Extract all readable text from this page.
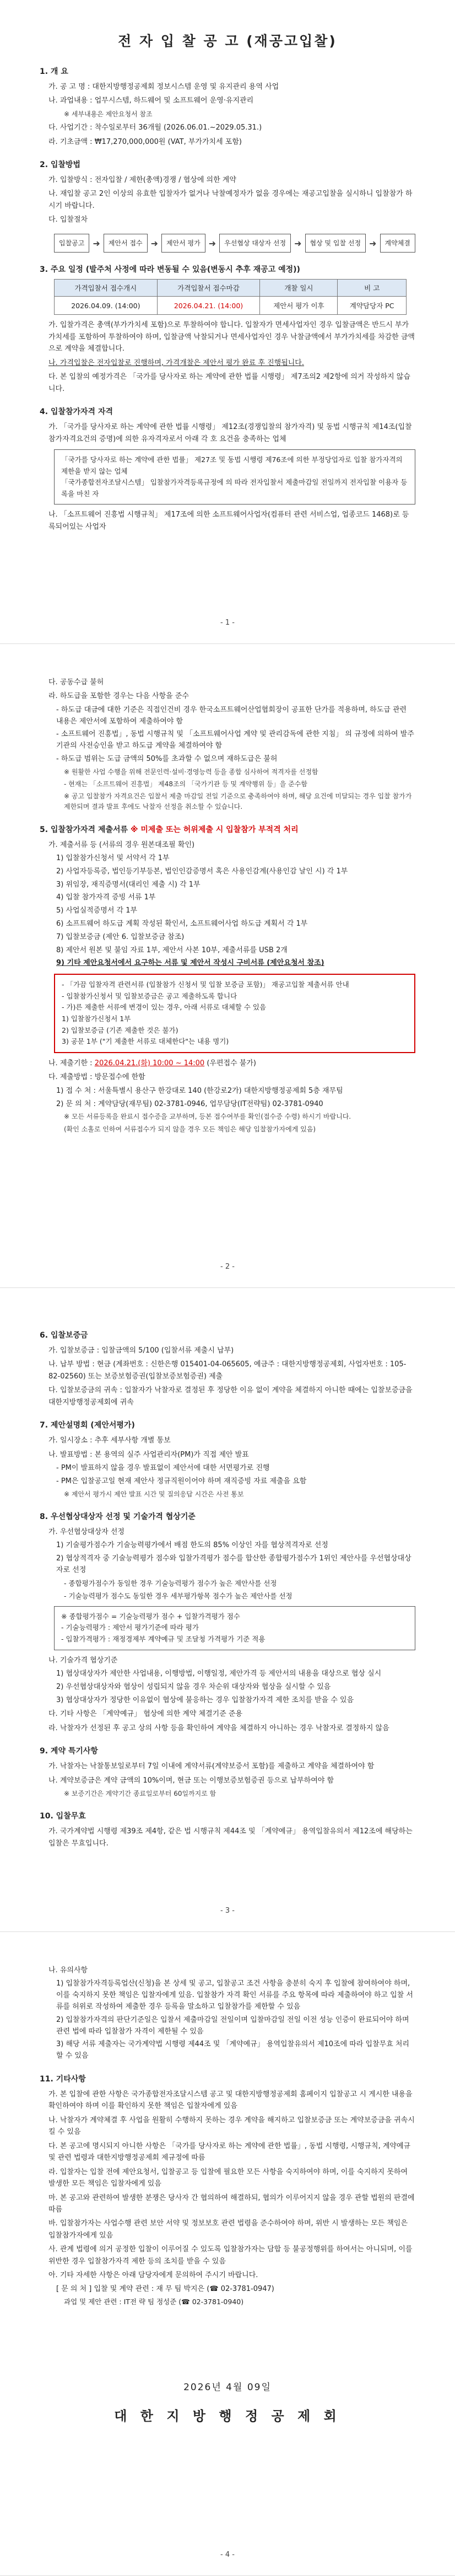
전 자 입 찰 공 고 (재공고입찰)
1. 개 요
가. 공 고 명 : 대한지방행정공제회 정보시스템 운영 및 유지관리 용역 사업
나. 과업내용 : 업무시스템, 하드웨어 및 소프트웨어 운영·유지관리
※ 세부내용은 제안요청서 참조
다. 사업기간 : 착수일로부터 36개월 (2026.06.01.~2029.05.31.)
라. 기초금액 : ₩17,270,000,000원 (VAT, 부가가치세 포함)
2. 입찰방법
가. 입찰방식 : 전자입찰 / 제한(총액)경쟁 / 협상에 의한 계약
나. 재입찰 공고 2인 이상의 유효한 입찰자가 없거나 낙찰예정자가 없을 경우에는 재공고입찰을 실시하니 입찰참가 하시기 바랍니다.
다. 입찰절차
입찰공고 ➜	제안서 접수 ➜	제안서 평가 ➜	우선협상 대상자 선정 ➜	협상 및 입찰 선정 ➜	계약체결
3. 주요 일정 (발주처 사정에 따라 변동될 수 있음(변동시 추후 재공고 예정))
가격입찰서 접수개시	가격입찰서 접수마감	개찰 일시	비 고
2026.04.09. (14:00)	2026.04.21. (14:00)	제안서 평가 이후	계약담당자 PC
가. 입찰가격은 총액(부가가치세 포함)으로 투찰하여야 합니다. 입찰자가 면세사업자인 경우 입찰금액은 반드시 부가가치세를 포함하여 투찰하여야 하며, 입찰금액 낙찰되거나 면세사업자인 경우 낙찰금액에서 부가가치세를 차감한 금액으로 계약을 체결합니다.
나. 가격입찰은 전자입찰로 진행하며, 가격개찰은 제안서 평가 완료 후 진행됩니다.
다. 본 입찰의 예정가격은 「국가를 당사자로 하는 계약에 관한 법률 시행령」 제7조의2 제2항에 의거 작성하지 않습니다.
4. 입찰참가자격 자격
가. 「국가를 당사자로 하는 계약에 관한 법률 시행령」 제12조(경쟁입찰의 참가자격) 및 동법 시행규칙 제14조(입찰참가자격요건의 증명)에 의한 유자격자로서 아래 각 호 요건을 충족하는 업체
「국가를 당사자로 하는 계약에 관한 법률」 제27조 및 동법 시행령 제76조에 의한 부정당업자로 입찰 참가자격의 제한을 받지 않는 업체
「국가종합전자조달시스템」 입찰참가자격등록규정에 의 따라 전자입찰서 제출마감일 전일까지 전자입찰 이용자 등록을 마친 자
나. 「소프트웨어 진흥법 시행규칙」 제17조에 의한 소프트웨어사업자(컴퓨터 관련 서비스업, 업종코드 1468)로 등록되어있는 사업자
- 1 -
다. 공동수급 불허
라. 하도급을 포함한 경우는 다음 사항을 준수
- 하도급 대금에 대한 기준은 직접인건비 경우 한국소프트웨어산업협회장이 공표한 단가를 적용하며, 하도급 관련 내용은 제안서에 포함하여 제출하여야 함
- 소프트웨어 진흥법」, 동법 시행규칙 및 「소프트웨어사업 계약 및 관리감독에 관한 지침」 의 규정에 의하여 발주기관의 사전승인을 받고 하도급 계약을 체결하여야 함
- 하도급 범위는 도급 금액의 50%를 초과할 수 없으며 재하도급은 불허
※ 원활한 사업 수행을 위해 전문인력·설비·경영능력 등을 종합 심사하여 적격자를 선정함
- 현재는 「소프트웨어 진흥법」 제48조의 「국가기관 등 및 계약행위 등」을 준수함
※ 공고 입찰참가 자격요건은 입찰서 제출 마감일 전일 기준으로 충족하여야 하며, 해당 요건에 미달되는 경우 입찰 참가가 제한되며 결과 발표 후에도 낙찰자 선정을 취소할 수 있습니다.
5. 입찰참가자격 제출서류 ※ 미제출 또는 허위제출 시 입찰참가 부적격 처리
가. 제출서류 등 (서류의 경우 원본대조필 확인)
1) 입찰참가신청서 및 서약서 각 1부
2) 사업자등록증, 법인등기부등본, 법인인감증명서 혹은 사용인감계(사용인감 날인 시) 각 1부
3) 위임장, 재직증명서(대리인 제출 시) 각 1부
4) 입찰 참가자격 증빙 서류 1부
5) 사업실적증명서 각 1부
6) 소프트웨어 하도급 계획 작성된 확인서, 소프트웨어사업 하도급 계획서 각 1부
7) 입찰보증금 (제안 6. 입찰보증금 참조)
8) 제안서 원본 및 불임 자료 1부, 제안서 사본 10부, 제출서류를 USB 2개
9) 기타 제안요청서에서 요구하는 서류 및 제안서 작성시 구비서류 (제안요청서 참조)
- 「가끔 입찰자격 관련서류 (입찰참가 신청서 및 입찰 보증금 포함)」 재공고입찰 제출서류 안내
- 입찰참가신청서 및 입찰보증금은 공고 제출하도록 합니다
- 가)른 제출한 서류에 변경이 있는 경우, 아래 서류로 대체할 수 있음
1) 입찰참가신청서 1부
2) 입찰보증금 (기존 제출한 것은 불가)
3) 공문 1부 ("기 제출한 서류로 대체한다"는 내용 명기)
나. 제출기한 : 2026.04.21.(화) 10:00 ~ 14:00 (우편접수 불가)
다. 제출방법 : 방문접수에 한함
1) 접 수 처 : 서울특별시 용산구 한강대로 140 (한강로2가) 대한지방행정공제회 5층 재무팀
2) 문 의 처 : 계약담당(재무팀) 02-3781-0946, 업무담당(IT전략팀) 02-3781-0940
※ 모든 서류등록을 완료시 접수증을 교부하며, 등본 접수여부를 확인(접수증 수령) 하시기 바랍니다.
(확인 소홀로 인하여 서류접수가 되지 않을 경우 모든 책임은 해당 입찰참가자에게 있음)
- 2 -
6. 입찰보증금
가. 입찰보증금 : 입찰금액의 5/100 (입찰서류 제출시 납부)
나. 납부 방법 : 현금 (계좌번호 : 신한은행 015401-04-065605, 예금주 : 대한지방행정공제회, 사업자번호 : 105-82-02560) 또는 보증보험증권(입찰보증보험증권) 제출
다. 입찰보증금의 귀속 : 입찰자가 낙찰자로 결정된 후 정당한 이유 없이 계약을 체결하지 아니한 때에는 입찰보증금을 대한지방행정공제회에 귀속
7. 제안설명회 (제안서평가)
가. 일시장소 : 추후 세부사항 개별 통보
나. 발표방법 : 본 용역의 실주 사업관리자(PM)가 직접 제안 발표
- PM이 발표하지 않을 경우 발표없이 제안서에 대한 서면평가로 진행
- PM은 입찰공고일 현재 제안사 정규직원이어야 하며 재직증빙 자료 제출을 요함
※ 제안서 평가시 제안 발표 시간 및 질의응답 시간은 사전 통보
8. 우선협상대상자 선정 및 기술가격 협상기준
가. 우선협상대상자 선정
1) 기술평가점수가 기술능력평가에서 배점 한도의 85% 이상인 자를 협상적격자로 선정
2) 협상적격자 중 기술능력평가 점수와 입찰가격평가 점수를 합산한 종합평가점수가 1위인 제안사를 우선협상대상자로 선정
- 종합평가점수가 동일한 경우 기술능력평가 점수가 높은 제안사를 선정
- 기술능력평가 점수도 동일한 경우 세부평가항목 점수가 높은 제안사를 선정
※ 종합평가점수 = 기술능력평가 점수 + 입찰가격평가 점수
- 기술능력평가 : 제안서 평가기준에 따라 평가
- 입찰가격평가 : 재정경제부 계약예규 및 조달청 가격평가 기준 적용
나. 기술가격 협상기준
1) 협상대상자가 제안한 사업내용, 이행방법, 이행일정, 제안가격 등 제안서의 내용을 대상으로 협상 실시
2) 우선협상대상자와 협상이 성립되지 않을 경우 차순위 대상자와 협상을 실시할 수 있음
3) 협상대상자가 정당한 이유없이 협상에 불응하는 경우 입찰참가자격 제한 조치를 받을 수 있음
다. 기타 사항은 「계약예규」 협상에 의한 계약 체결기준 준용
라. 낙찰자가 선정된 후 공고 상의 사항 등을 확인하여 계약을 체결하지 아니하는 경우 낙찰자로 결정하지 않음
9. 계약 특기사항
가. 낙찰자는 낙찰통보일로부터 7일 이내에 계약서류(계약보증서 포함)를 제출하고 계약을 체결하여야 함
나. 계약보증금은 계약 금액의 10%이며, 현금 또는 이행보증보험증권 등으로 납부하여야 함
※ 보증기간은 계약기간 종료일로부터 60일까지로 함
10. 입찰무효
가. 국가계약법 시행령 제39조 제4항, 같은 법 시행규칙 제44조 및 「계약예규」 용역입찰유의서 제12조에 해당하는 입찰은 무효입니다.
- 3 -
나. 유의사항
1) 입찰참가자격등록업산(신청)을 본 상세 및 공고, 입찰공고 조건 사항을 충분히 숙지 후 입찰에 참여하여야 하며, 이를 숙지하지 못한 책임은 입찰자에게 있음. 입찰참가 자격 확인 서류를 주요 항목에 따라 제출하여야 하고 입찰 서류를 허위로 작성하여 제출한 경우 등록을 말소하고 입찰참가를 제한할 수 있음
2) 입찰참가자격의 판단기준일은 입찰서 제출마감일 전일이며 입찰마감일 전일 이전 성능 인증이 완료되어야 하며 관련 법에 따라 입찰참가 자격이 제한될 수 있음
3) 해당 서류 제출자는 국가계약법 시행령 제44조 및 「계약예규」 용역입찰유의서 제10조에 따라 입찰무효 처리할 수 있음
11. 기타사항
가. 본 입찰에 관한 사항은 국가종합전자조달시스템 공고 및 대한지방행정공제회 홈페이지 입찰공고 시 게시한 내용을 확인하여야 하며 이를 확인하지 못한 책임은 입찰자에게 있음
나. 낙찰자가 계약체결 후 사업을 원활히 수행하지 못하는 경우 계약을 해지하고 입찰보증금 또는 계약보증금을 귀속시킬 수 있음
다. 본 공고에 명시되지 아니한 사항은 「국가를 당사자로 하는 계약에 관한 법률」, 동법 시행령, 시행규칙, 계약예규 및 관련 법령과 대한지방행정공제회 제규정에 따름
라. 입찰자는 입찰 전에 제안요청서, 입찰공고 등 입찰에 필요한 모든 사항을 숙지하여야 하며, 이를 숙지하지 못하여 발생한 모든 책임은 입찰자에게 있음
마. 본 공고와 관련하여 발생한 분쟁은 당사자 간 협의하여 해결하되, 협의가 이루어지지 않을 경우 관할 법원의 판결에 따름
바. 입찰참가자는 사업수행 관련 보안 서약 및 정보보호 관련 법령을 준수하여야 하며, 위반 시 발생하는 모든 책임은 입찰참가자에게 있음
사. 관계 법령에 의거 공정한 입찰이 이루어질 수 있도록 입찰참가자는 담합 등 불공정행위를 하여서는 아니되며, 이를 위반한 경우 입찰참가자격 제한 등의 조치를 받을 수 있음
아. 기타 자세한 사항은 아래 담당자에게 문의하여 주시기 바랍니다.
[ 문 의 처 ] 입찰 및 계약 관련 : 재 무 팀 박지은 (☎ 02-3781-0947)
과업 및 제안 관련 : IT전 략 팀 정성준 (☎ 02-3781-0940)
2026년 4월 09일
대 한 지 방 행 정 공 제 회
- 4 -
